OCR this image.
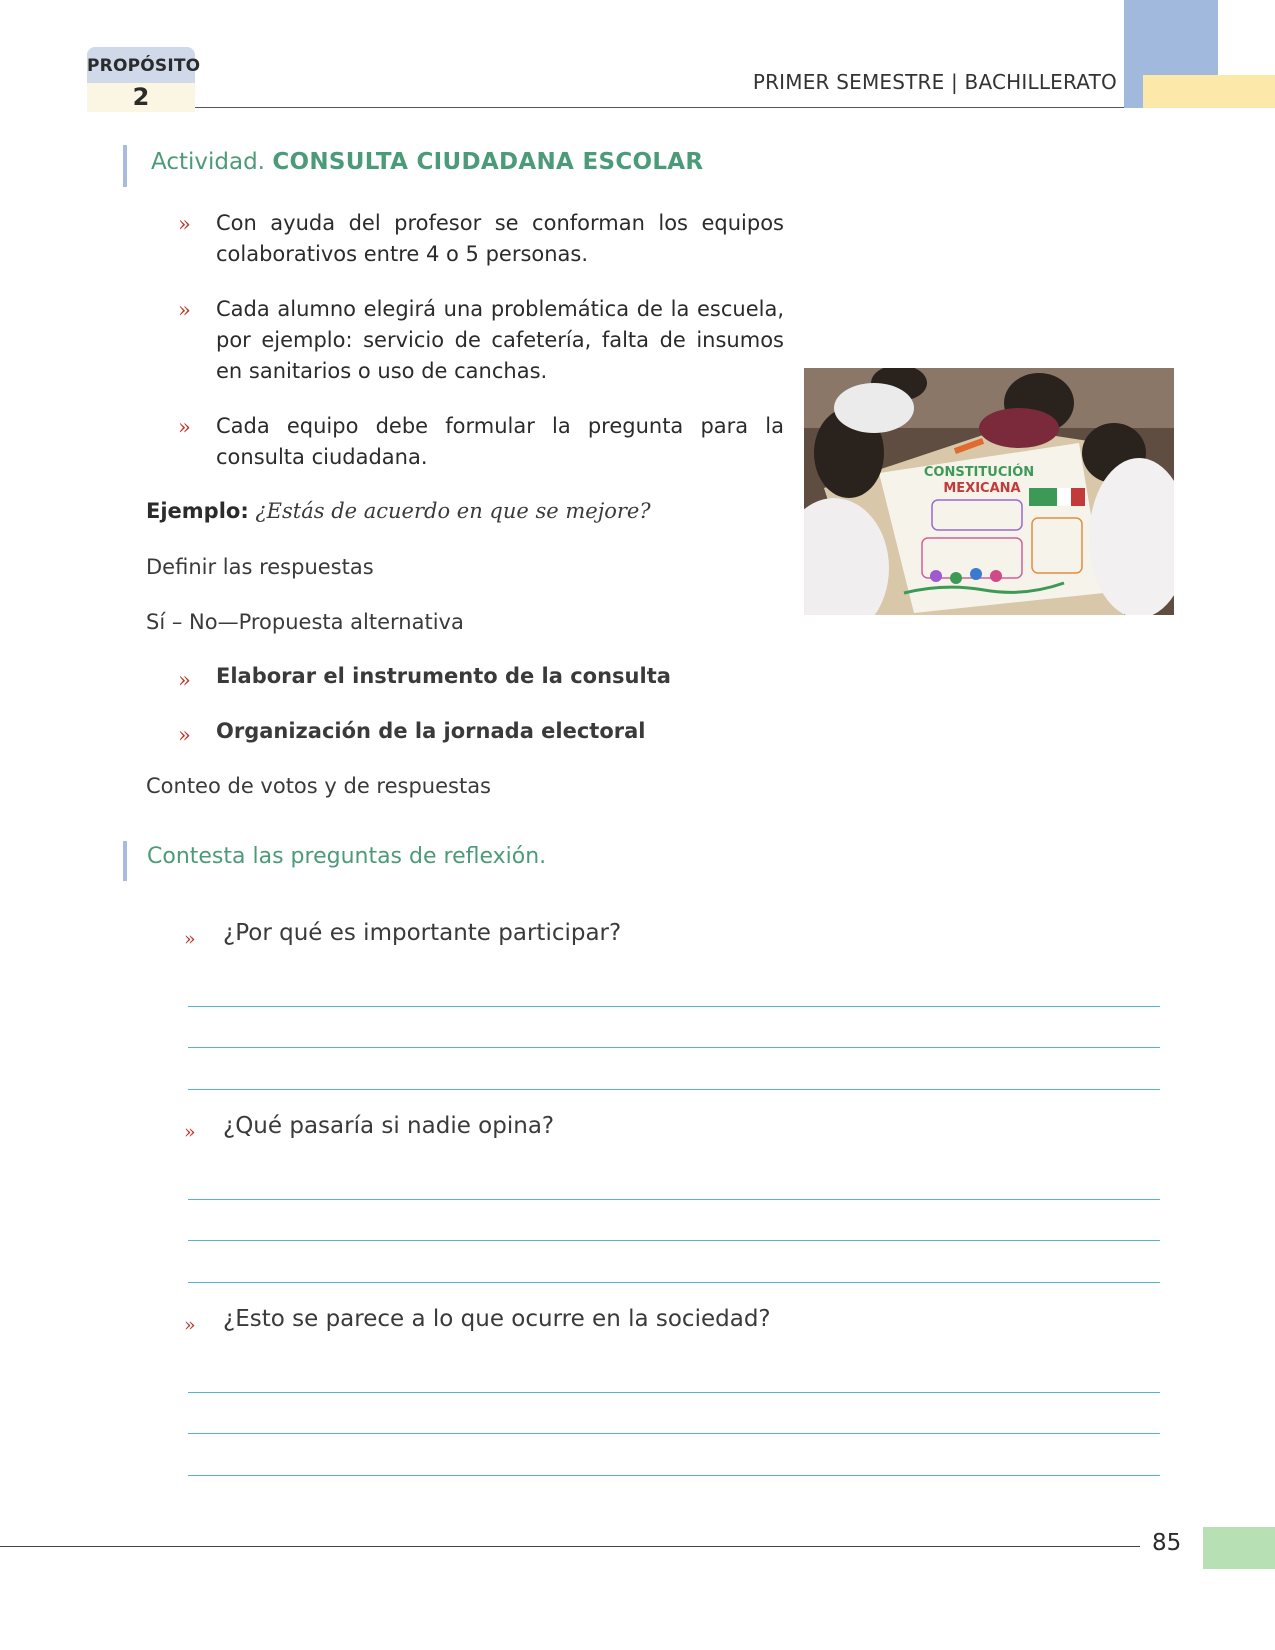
PROPÓSITO
2
PRIMER SEMESTRE | BACHILLERATO
Actividad. CONSULTA CIUDADANA ESCOLAR
» Con ayuda del profesor se conforman los equipos colaborativos entre 4 o 5 personas.
» Cada alumno elegirá una problemática de la escuela, por ejemplo: servicio de cafetería, falta de insumos en sanitarios o uso de canchas.
» Cada equipo debe formular la pregunta para la consulta ciudadana.
Ejemplo: ¿Estás de acuerdo en que se mejore?
Definir las respuestas
Sí – No—Propuesta alternativa
» Elaborar el instrumento de la consulta
» Organización de la jornada electoral
Conteo de votos y de respuestas
CONSTITUCIÓN
MEXICANA
Contesta las preguntas de reflexión.
» ¿Por qué es importante participar?
» ¿Qué pasaría si nadie opina?
» ¿Esto se parece a lo que ocurre en la sociedad?
85
